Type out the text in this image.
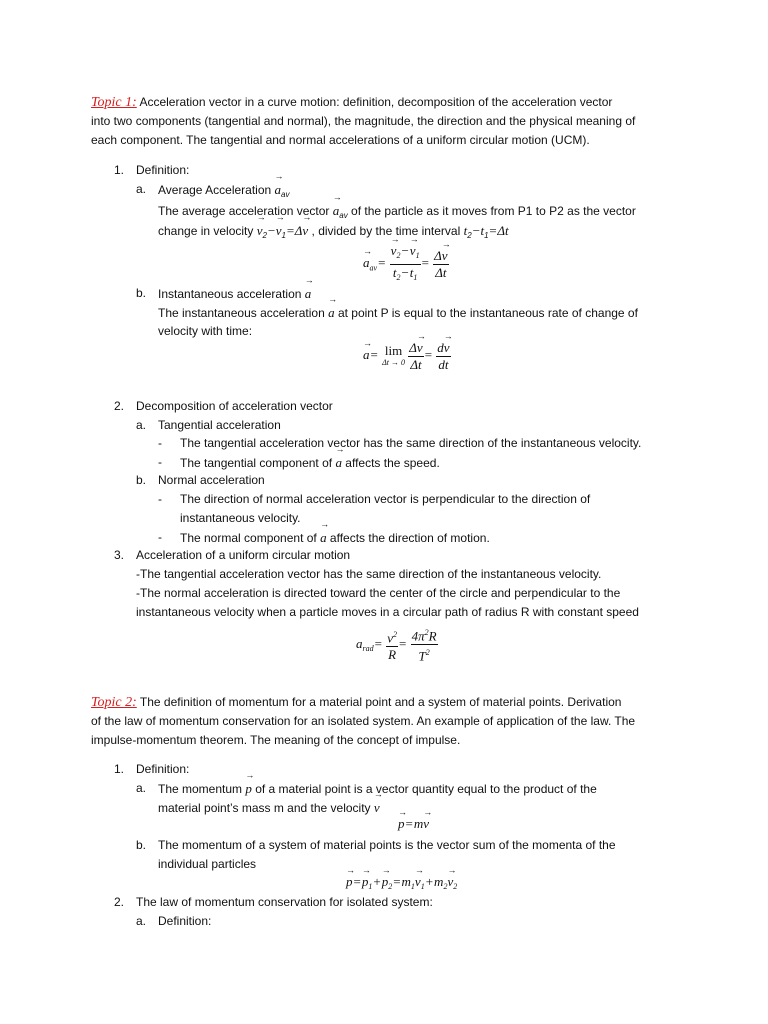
Topic 1: Acceleration vector in a curve motion: definition, decomposition of the acceleration vector
into two components (tangential and normal), the magnitude, the direction and the physical meaning of
each component. The tangential and normal accelerations of a uniform circular motion (UCM).
1. Definition:
a. Average Acceleration → $a_{av}$
The average acceleration vector → $a_{av}$ of the particle as it moves from P1 to P2 as the vector
change in velocity → $v_2-\to v_1=\Delta\to v$ , divided by the time interval $t_2-t_1=\Delta t$
→ $a_{av}=$
→ $\frac{v_2-\to v_1}{t_2-t_1} = \frac{\Delta\to v}{\Delta t}$
b. Instantaneous acceleration → a
The instantaneous acceleration → a at point P is equal to the instantaneous rate of change of
velocity with time:
→ a= lim
Δt → 0
$\frac{\Delta\to v}{\Delta t} = \frac{d\to v}{dt}$
2. Decomposition of acceleration vector
a. Tangential acceleration
- The tangential acceleration vector has the same direction of the instantaneous velocity.
- The tangential component of → a affects the speed.
b. Normal acceleration
- The direction of normal acceleration vector is perpendicular to the direction of
instantaneous velocity.
- The normal component of → a affects the direction of motion.
3. Acceleration of a uniform circular motion
-The tangential acceleration vector has the same direction of the instantaneous velocity.
-The normal acceleration is directed toward the center of the circle and perpendicular to the
instantaneous velocity when a particle moves in a circular path of radius R with constant speed
$a_{rad}= \frac{v^2}{R} = \frac{4\pi^2R}{T^2}$
Topic 2: The definition of momentum for a material point and a system of material points. Derivation
of the law of momentum conservation for an isolated system. An example of application of the law. The
impulse-momentum theorem. The meaning of the concept of impulse.
1. Definition:
a. The momentum → p of a material point is a vector quantity equal to the product of the
material point’s mass m and the velocity → v
→ p=m→ v
b. The momentum of a system of material points is the vector sum of the momenta of the
individual particles
→ $p=\to p_1+\to p_2=m_1\to v_1+m_2\to v_2$
2. The law of momentum conservation for isolated system:
a. Definition:
